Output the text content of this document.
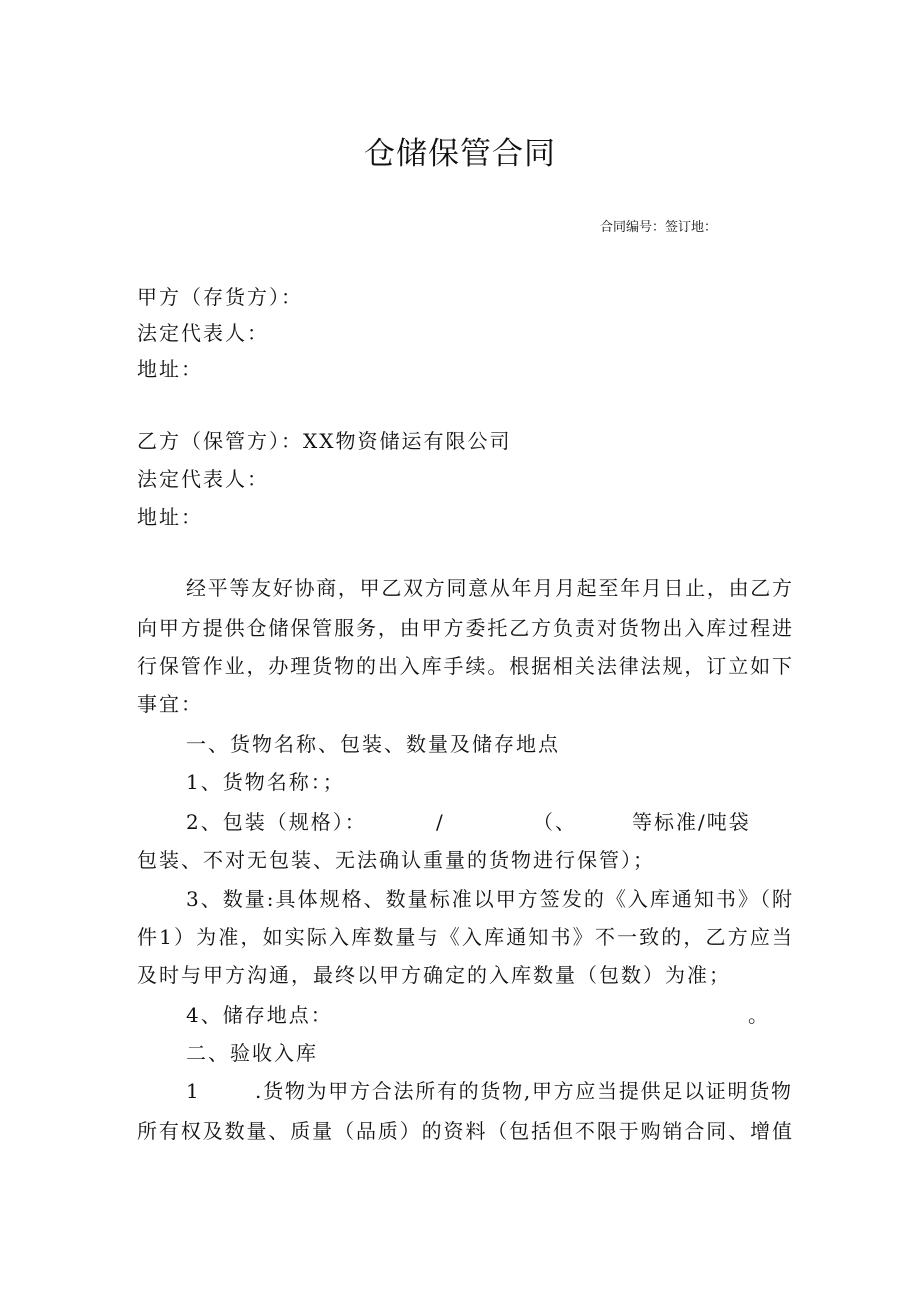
仓储保管合同
合同编号：签订地：
甲方（存货方）：
法定代表人：
地址：
乙方（保管方）：XX物资储运有限公司
法定代表人：
地址：
经平等友好协商，甲乙双方同意从年月月起至年月日止，由乙方
向甲方提供仓储保管服务，由甲方委托乙方负责对货物出入库过程进
行保管作业，办理货物的出入库手续。根据相关法律法规，订立如下
事宜：
一、货物名称、包装、数量及储存地点
1、货物名称：；
2、包装（规格）：	/	（、	等标准/吨袋
包装、不对无包装、无法确认重量的货物进行保管）；
3、数量:具体规格、数量标准以甲方签发的《入库通知书》（附
件1）为准，如实际入库数量与《入库通知书》不一致的，乙方应当
及时与甲方沟通，最终以甲方确定的入库数量（包数）为准；
4、储存地点：	。
二、验收入库
1	.货物为甲方合法所有的货物,甲方应当提供足以证明货物
所有权及数量、质量（品质）的资料（包括但不限于购销合同、增值
